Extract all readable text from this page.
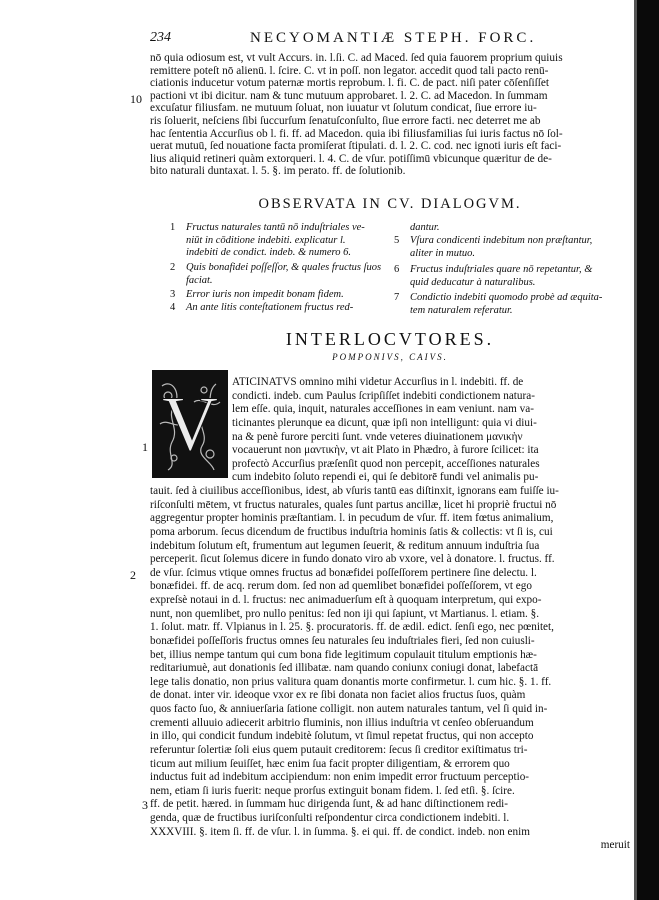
234	NECYOMANTIÆ STEPH. FORC.
nō quia odiosum est, vt vult Accurs. in. l.ſi. C. ad Maced. ſed quia fauorem proprium quiuis
remittere poteſt nō alienū. l. ſcire. C. vt in poſſ. non legator. accedit quod tali pacto renū-
ciationis inducetur votum paternæ mortis reprobum. l. fi. C. de pact. niſi pater cōſenſiſſet
pactioni vt ibi dicitur. nam & tunc mutuum approbaret. l. 2. C. ad Macedon. In ſummam
excuſatur filiusfam. ne mutuum ſoluat, non iuuatur vt ſolutum condicat, ſiue errore iu-
ris ſoluerit, neſciens ſibi ſuccurſum ſenatuſconſulto, ſiue errore facti. nec deterret me ab
hac ſententia Accurſius ob l. fi. ff. ad Macedon. quia ibi filiusfamilias ſui iuris factus nō ſol-
uerat mutuū, ſed nouatione facta promiſerat ſtipulati. d. l. 2. C. cod. nec ignoti iuris eſt faci-
lius aliquid retineri quàm extorqueri. l. 4. C. de vſur. potiſſimū vbicunque quæritur de de-
bito naturali duntaxat. l. 5. §. im perato. ff. de ſolutionib.
10
OBSERVATA IN CV. DIALOGVM.
1 Fructus naturales tantū nō induſtriales ve-
niūt in cōditione indebiti. explicatur l.
indebiti de condict. indeb. & numero 6.
2 Quis bonafidei poſſeſſor, & quales fructus ſuos
faciat.
3 Error iuris non impedit bonam fidem.
4 An ante litis conteſtationem fructus red-
dantur.
5 Vſura condicenti indebitum non præſtantur,
aliter in mutuo.
6 Fructus induſtriales quare nō repetantur, &
quid deducatur à naturalibus.
7 Condictio indebiti quomodo probè ad æquita-
tem naturalem referatur.
INTERLOCVTORES.
POMPONIVS, CAIVS.
V	ATICINATVS omnino mihi videtur Accurſius in l. indebiti. ff. de
condicti. indeb. cum Paulus ſcripſiſſet indebiti condictionem natura-
lem eſſe. quia, inquit, naturales acceſſiones in eam veniunt. nam va-
ticinantes plerunque ea dicunt, quæ ipſi non intelligunt: quia vi diui-
na & penè furore perciti ſunt. vnde veteres diuinationem μανικὴν
vocauerunt non μαντικὴν, vt ait Plato in Phædro, à furore ſcilicet: ita
profectò Accurſius præſenſit quod non percepit, acceſſiones naturales
cum indebito ſoluto rependi ei, qui ſe debitorē fundi vel animalis pu-
tauit. ſed à ciuilibus acceſſionibus, idest, ab vſuris tantū eas diſtinxit, ignorans eam fuiſſe iu-
riſconſulti mētem, vt fructus naturales, quales ſunt partus ancillæ, licet hi propriè fructui nō
aggregentur propter hominis præſtantiam. l. in pecudum de vſur. ff. item fœtus animalium,
poma arborum. ſecus dicendum de fructibus induſtria hominis ſatis & collectis: vt ſi is, cui
indebitum ſolutum eſt, frumentum aut legumen ſeuerit, & reditum annuum induſtria ſua
perceperit. ſicut ſolemus dicere in fundo donato viro ab vxore, vel à donatore. l. fructus. ff.
de vſur. ſcimus vtique omnes fructus ad bonæfidei poſſeſſorem pertinere ſine delectu. l.
bonæfidei. ff. de acq. rerum dom. ſed non ad quemlibet bonæfidei poſſeſſorem, vt ego
expreſsè notaui in d. l. fructus: nec animaduerſum eſt à quoquam interpretum, qui expo-
nunt, non quemlibet, pro nullo penitus: ſed non iji qui ſapiunt, vt Martianus. l. etiam. §.
1. ſolut. matr. ff. Vlpianus in l. 25. §. procuratoris. ff. de ædil. edict. ſenſi ego, nec pœnitet,
bonæfidei poſſeſſoris fructus omnes ſeu naturales ſeu induſtriales fieri, ſed non cuiusli-
bet, illius nempe tantum qui cum bona fide legitimum copulauit titulum emptionis hæ-
reditariumuè, aut donationis ſed illibatæ. nam quando coniunx coniugi donat, labefactā
lege talis donatio, non prius valitura quam donantis morte confirmetur. l. cum hic. §. 1. ff.
de donat. inter vir. ideoque vxor ex re ſibi donata non faciet alios fructus ſuos, quàm
quos facto ſuo, & anniuerſaria ſatione colligit. non autem naturales tantum, vel ſi quid in-
crementi alluuio adiecerit arbitrio fluminis, non illius induſtria vt cenſeo obſeruandum
in illo, qui condicit fundum indebitè ſolutum, vt ſimul repetat fructus, qui non accepto
referuntur ſolertiæ ſoli eius quem putauit creditorem: ſecus ſi creditor exiſtimatus tri-
ticum aut milium ſeuiſſet, hæc enim ſua facit propter diligentiam, & errorem quo
inductus fuit ad indebitum accipiendum: non enim impedit error fructuum perceptio-
nem, etiam ſi iuris fuerit: neque prorſus extinguit bonam fidem. l. ſed etſi. §. ſcire.
ff. de petit. hæred. in ſummam huc dirigenda ſunt, & ad hanc diſtinctionem redi-
genda, quæ de fructibus iuriſconſulti reſpondentur circa condictionem indebiti. l.
XXXVIII. §. item ſi. ff. de vſur. l. in ſumma. §. ei qui. ff. de condict. indeb. non enim
meruit
1
2
3
